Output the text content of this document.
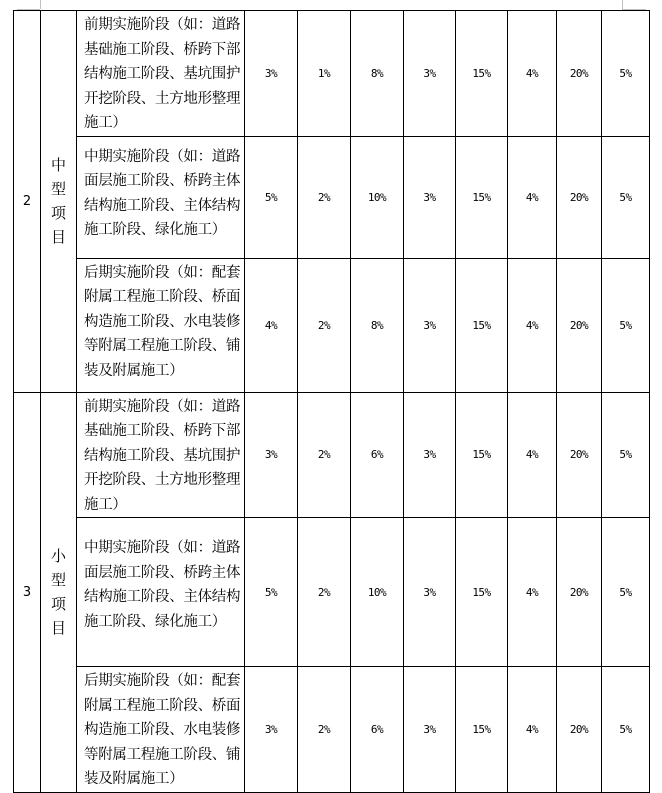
2	中型项目	前期实施阶段（如：道路基础施工阶段、桥跨下部结构施工阶段、基坑围护开挖阶段、土方地形整理施工）	3%	1%	8%	3%	15%	4%	20%	5%
		中期实施阶段（如：道路面层施工阶段、桥跨主体结构施工阶段、主体结构施工阶段、绿化施工）	5%	2%	10%	3%	15%	4%	20%	5%
		后期实施阶段（如：配套附属工程施工阶段、桥面构造施工阶段、水电装修等附属工程施工阶段、铺装及附属施工）	4%	2%	8%	3%	15%	4%	20%	5%
3	小型项目	前期实施阶段（如：道路基础施工阶段、桥跨下部结构施工阶段、基坑围护开挖阶段、土方地形整理施工）	3%	2%	6%	3%	15%	4%	20%	5%
		中期实施阶段（如：道路面层施工阶段、桥跨主体结构施工阶段、主体结构施工阶段、绿化施工）	5%	2%	10%	3%	15%	4%	20%	5%
		后期实施阶段（如：配套附属工程施工阶段、桥面构造施工阶段、水电装修等附属工程施工阶段、铺装及附属施工）	3%	2%	6%	3%	15%	4%	20%	5%
